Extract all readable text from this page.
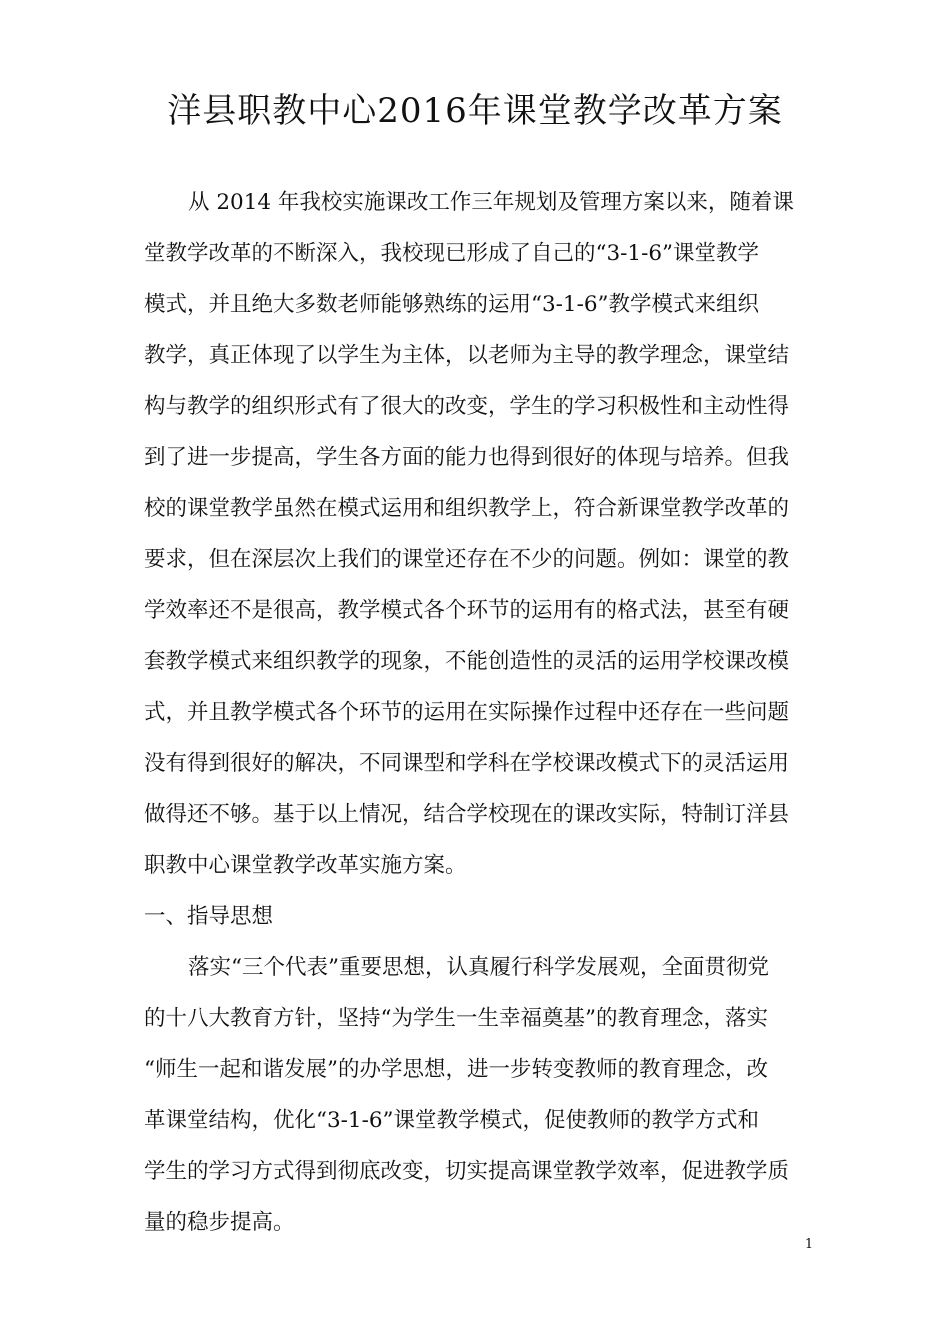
洋县职教中心2016年课堂教学改革方案
从 2014 年我校实施课改工作三年规划及管理方案以来，随着课
堂教学改革的不断深入，我校现已形成了自己的“3-1-6”课堂教学
模式，并且绝大多数老师能够熟练的运用“3-1-6”教学模式来组织
教学，真正体现了以学生为主体，以老师为主导的教学理念，课堂结
构与教学的组织形式有了很大的改变，学生的学习积极性和主动性得
到了进一步提高，学生各方面的能力也得到很好的体现与培养。但我
校的课堂教学虽然在模式运用和组织教学上，符合新课堂教学改革的
要求，但在深层次上我们的课堂还存在不少的问题。例如：课堂的教
学效率还不是很高，教学模式各个环节的运用有的格式法，甚至有硬
套教学模式来组织教学的现象，不能创造性的灵活的运用学校课改模
式，并且教学模式各个环节的运用在实际操作过程中还存在一些问题
没有得到很好的解决，不同课型和学科在学校课改模式下的灵活运用
做得还不够。基于以上情况，结合学校现在的课改实际，特制订洋县
职教中心课堂教学改革实施方案。
一、指导思想
落实“三个代表”重要思想，认真履行科学发展观，全面贯彻党
的十八大教育方针，坚持“为学生一生幸福奠基”的教育理念，落实
“师生一起和谐发展”的办学思想，进一步转变教师的教育理念，改
革课堂结构，优化“3-1-6”课堂教学模式，促使教师的教学方式和
学生的学习方式得到彻底改变，切实提高课堂教学效率，促进教学质
量的稳步提高。
1
